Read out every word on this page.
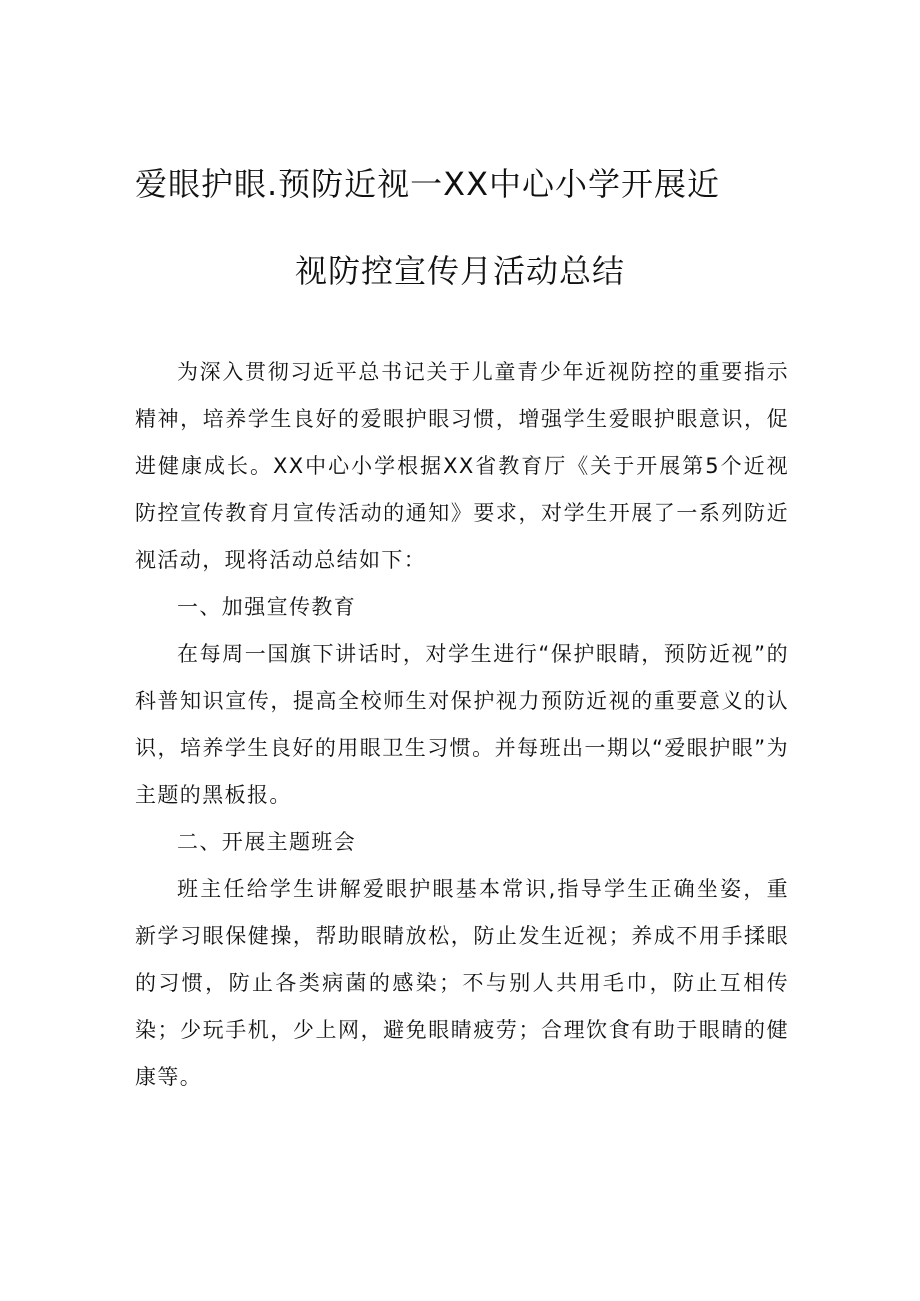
爱眼护眼.预防近视一XX中心小学开展近
视防控宣传月活动总结

为深入贯彻习近平总书记关于儿童青少年近视防控的重要指示精神，培养学生良好的爱眼护眼习惯，增强学生爱眼护眼意识，促进健康成长。XX中心小学根据XX省教育厅《关于开展第5个近视防控宣传教育月宣传活动的通知》要求，对学生开展了一系列防近视活动，现将活动总结如下：

一、加强宣传教育

在每周一国旗下讲话时，对学生进行“保护眼睛，预防近视”的科普知识宣传，提高全校师生对保护视力预防近视的重要意义的认识，培养学生良好的用眼卫生习惯。并每班出一期以“爱眼护眼”为主题的黑板报。

二、开展主题班会

班主任给学生讲解爱眼护眼基本常识,指导学生正确坐姿，重新学习眼保健操，帮助眼睛放松，防止发生近视；养成不用手揉眼的习惯，防止各类病菌的感染；不与别人共用毛巾，防止互相传染；少玩手机，少上网，避免眼睛疲劳；合理饮食有助于眼睛的健康等。
